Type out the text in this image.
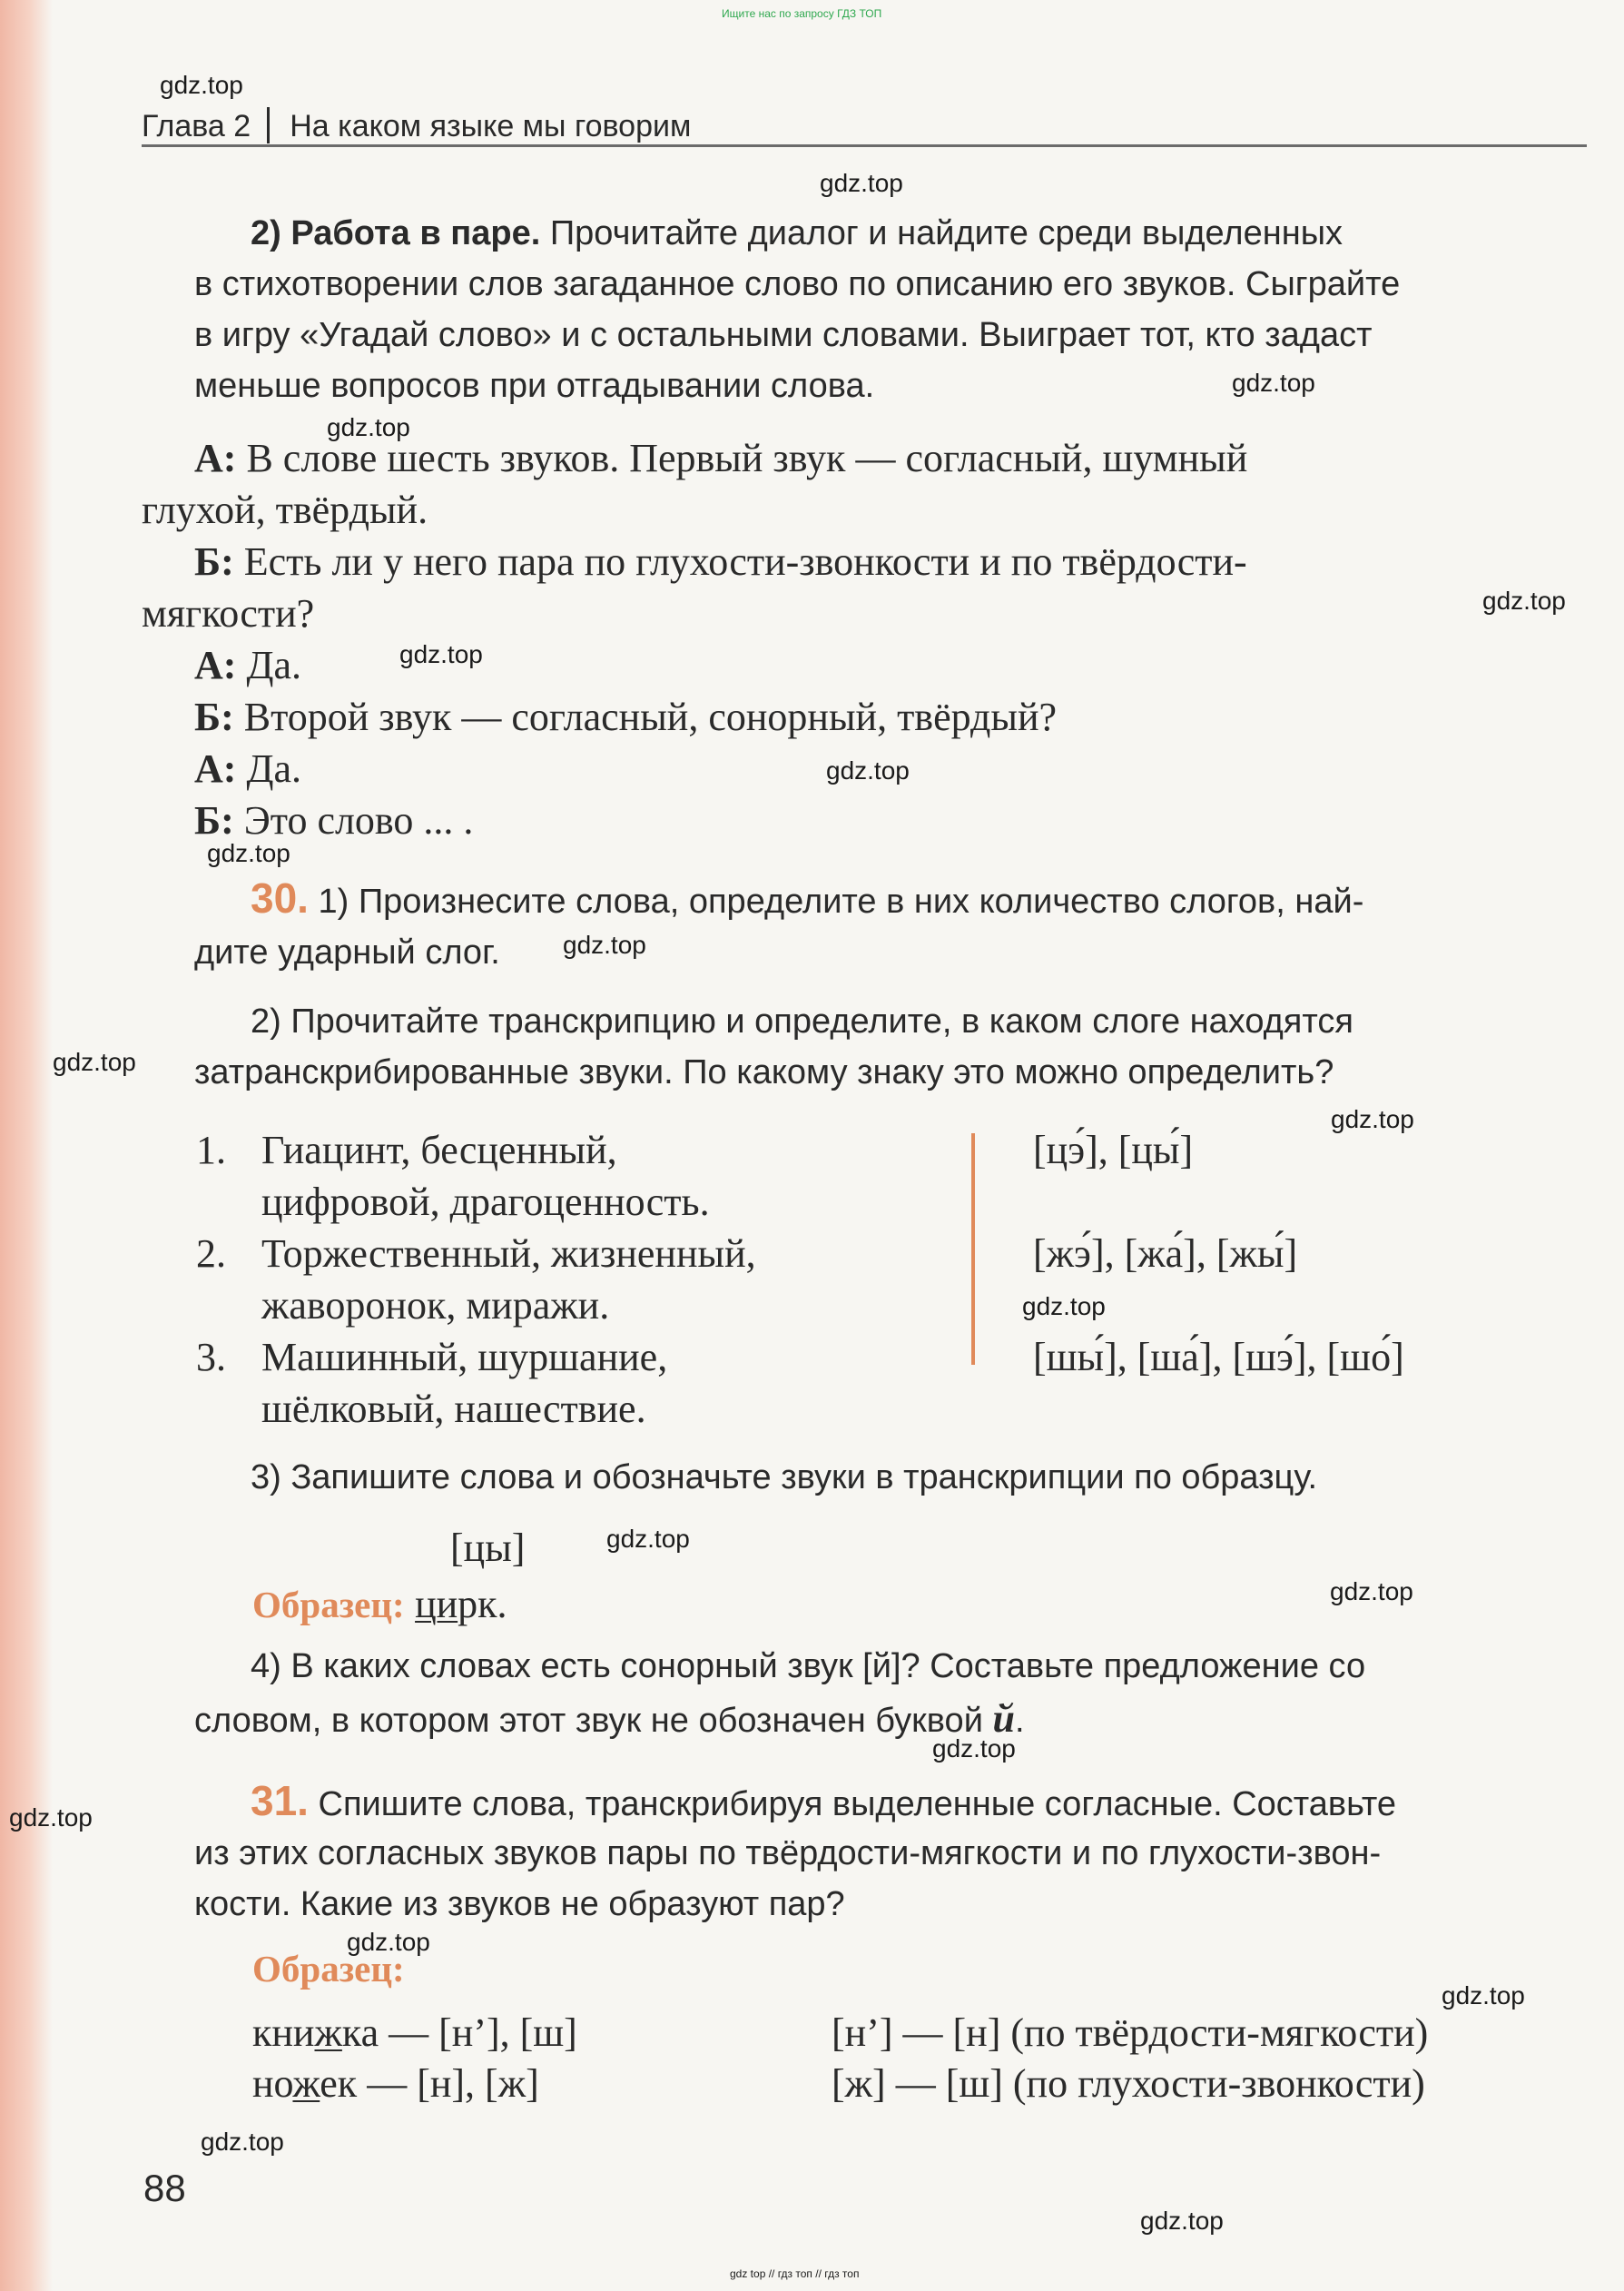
Ищите нас по запросу ГДЗ ТОП
gdz.top
gdz.top
gdz.top
gdz.top
gdz.top
gdz.top
gdz.top
gdz.top
gdz.top
gdz.top
gdz.top
gdz.top
gdz.top
gdz.top
gdz.top
gdz.top
gdz.top
gdz.top
gdz.top
gdz.top
Глава 2 На каком языке мы говорим
2) Работа в паре. Прочитайте диалог и найдите среди выделенных
в стихотворении слов загаданное слово по описанию его звуков. Сыграйте
в игру «Угадай слово» и с остальными словами. Выиграет тот, кто задаст
меньше вопросов при отгадывании слова.
А: В слове шесть звуков. Первый звук — согласный, шумный
глухой, твёрдый.
Б: Есть ли у него пара по глухости-звонкости и по твёрдости-
мягкости?
А: Да.
Б: Второй звук — согласный, сонорный, твёрдый?
А: Да.
Б: Это слово ... .
30. 1) Произнесите слова, определите в них количество слогов, най-
дите ударный слог.
2) Прочитайте транскрипцию и определите, в каком слоге находятся
затранскрибированные звуки. По какому знаку это можно определить?
1. Гиацинт, бесценный,
цифровой, драгоценность.
[цэ́], [цы́]
2. Торжественный, жизненный,
жаворонок, миражи.
[жэ́], [жа́], [жы́]
3. Машинный, шуршание,
шёлковый, нашествие.
[шы́], [ша́], [шэ́], [шо́]
3) Запишите слова и обозначьте звуки в транскрипции по образцу.
[цы]
Образец: цирк.
4) В каких словах есть сонорный звук [й]? Составьте предложение со
словом, в котором этот звук не обозначен буквой й.
31. Спишите слова, транскрибируя выделенные согласные. Составьте
из этих согласных звуков пары по твёрдости-мягкости и по глухости-звон-
кости. Какие из звуков не образуют пар?
Образец:
книжка — [н’], [ш]	[н’] — [н] (по твёрдости-мягкости)
ножек — [н], [ж]	[ж] — [ш] (по глухости-звонкости)
88
gdz top // гдз топ // гдз топ
